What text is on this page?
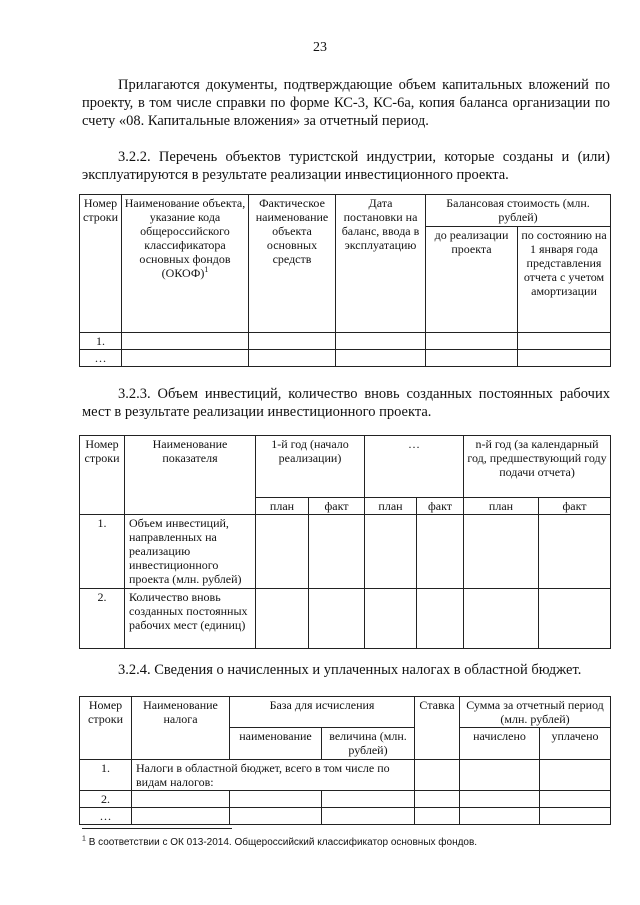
23
Прилагаются документы, подтверждающие объем капитальных вложений по проекту, в том числе справки по форме КС-3, КС-6а, копия баланса организации по счету «08. Капитальные вложения» за отчетный период.
3.2.2. Перечень объектов туристской индустрии, которые созданы и (или) эксплуатируются в результате реализации инвестиционного проекта.
Номер строки	Наименование объекта, указание кода общероссийского классификатора основных фондов (ОКОФ)$^1$	Фактическое наименование объекта основных средств	Дата постановки на баланс, ввода в эксплуатацию	Балансовая стоимость (млн. рублей)	
				до реализации проекта	по состоянию на 1 января года представления отчета с учетом амортизации
1.					
…					
3.2.3. Объем инвестиций, количество вновь созданных постоянных рабочих мест в результате реализации инвестиционного проекта.
Номер строки	Наименование показателя	1-й год (начало реализации)		…		n-й год (за календарный год, предшествующий году подачи отчета)	
		план	факт	план	факт	план	факт
1.	Объем инвестиций, направленных на реализацию инвестиционного проекта (млн. рублей)						
2.	Количество вновь созданных постоянных рабочих мест (единиц)						
3.2.4. Сведения о начисленных и уплаченных налогах в областной бюджет.
Номер строки	Наименование налога	База для исчисления		Ставка	Сумма за отчетный период (млн. рублей)	
		наименование	величина (млн. рублей)		начислено	уплачено
1.	Налоги в областной бюджет, всего в том числе по видам налогов:					
2.						
…						
$^1$ В соответствии с ОК 013-2014. Общероссийский классификатор основных фондов.
